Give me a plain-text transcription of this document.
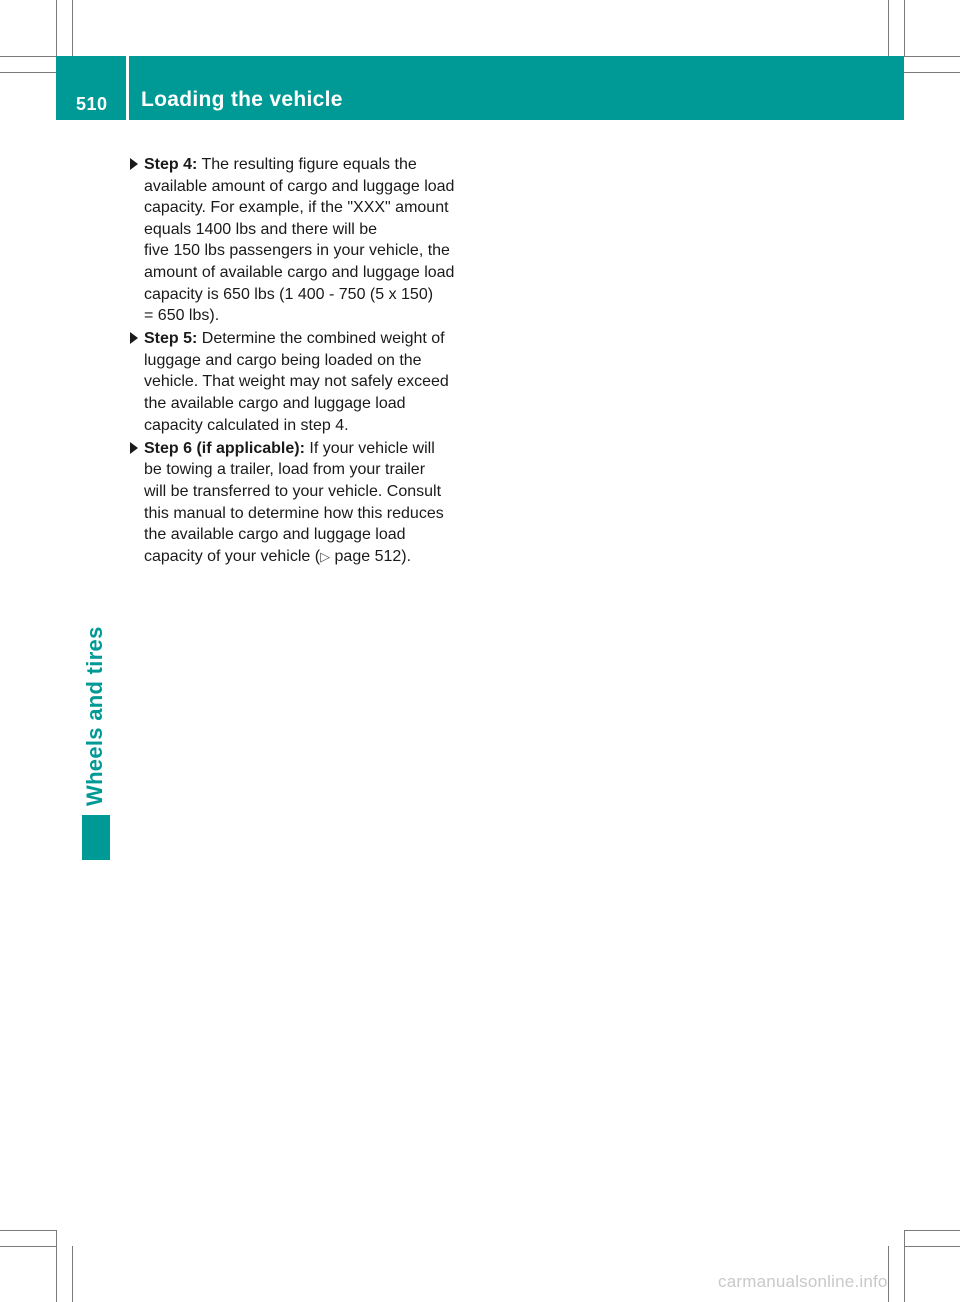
510 Loading the vehicle
Wheels and tires
Step 4: The resulting figure equals the
available amount of cargo and luggage load
capacity. For example, if the "XXX" amount
equals 1400 lbs and there will be
five 150 lbs passengers in your vehicle, the
amount of available cargo and luggage load
capacity is 650 lbs (1 400 - 750 (5 x 150)
= 650 lbs).
Step 5: Determine the combined weight of
luggage and cargo being loaded on the
vehicle. That weight may not safely exceed
the available cargo and luggage load
capacity calculated in step 4.
Step 6 (if applicable): If your vehicle will
be towing a trailer, load from your trailer
will be transferred to your vehicle. Consult
this manual to determine how this reduces
the available cargo and luggage load
capacity of your vehicle (▷ page 512).
carmanualsonline.info
